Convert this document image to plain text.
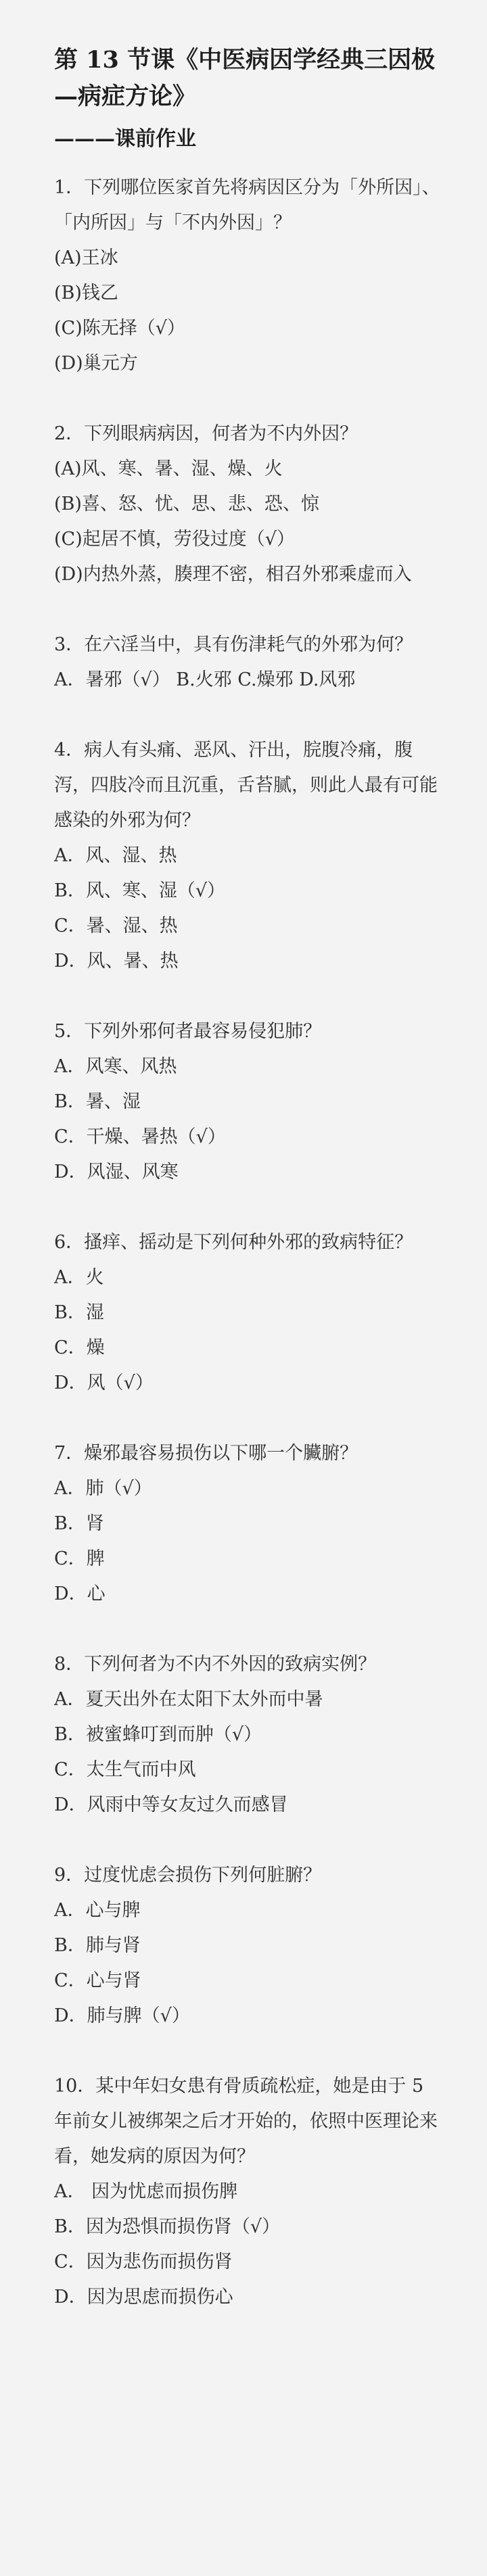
第 13 节课《中医病因学经典三因极—病症方论》
———课前作业

1．下列哪位医家首先将病因区分为「外所因」、「内所因」与「不内外因」？

(A)王冰

(B)钱乙

(C)陈无择（√）

(D)巢元方

2．下列眼病病因，何者为不内外因？

(A)风、寒、暑、湿、燥、火

(B)喜、怒、忧、思、悲、恐、惊

(C)起居不慎，劳役过度（√）

(D)内热外蒸，腠理不密，相召外邪乘虚而入

3．在六淫当中，具有伤津耗气的外邪为何？

A．暑邪（√） B.火邪 C.燥邪 D.风邪

4．病人有头痛、恶风、汗出，脘腹冷痛，腹泻，四肢冷而且沉重，舌苔腻，则此人最有可能感染的外邪为何？

A．风、湿、热

B．风、寒、湿（√）

C．暑、湿、热

D．风、暑、热

5．下列外邪何者最容易侵犯肺？

A．风寒、风热

B．暑、湿

C．干燥、暑热（√）

D．风湿、风寒

6．搔痒、摇动是下列何种外邪的致病特征？

A．火

B．湿

C．燥

D．风（√）

7．燥邪最容易损伤以下哪一个臟腑？

A．肺（√）

B．肾

C．脾

D．心

8．下列何者为不内不外因的致病实例？

A．夏天出外在太阳下太外而中暑

B．被蜜蜂叮到而肿（√）

C．太生气而中风

D．风雨中等女友过久而感冒

9．过度忧虑会损伤下列何脏腑？

A．心与脾

B．肺与肾

C．心与肾

D．肺与脾（√）

10．某中年妇女患有骨质疏松症，她是由于 5 年前女儿被绑架之后才开始的，依照中医理论来看，她发病的原因为何？

A． 因为忧虑而损伤脾

B．因为恐惧而损伤肾（√）

C．因为悲伤而损伤肾

D．因为思虑而损伤心
